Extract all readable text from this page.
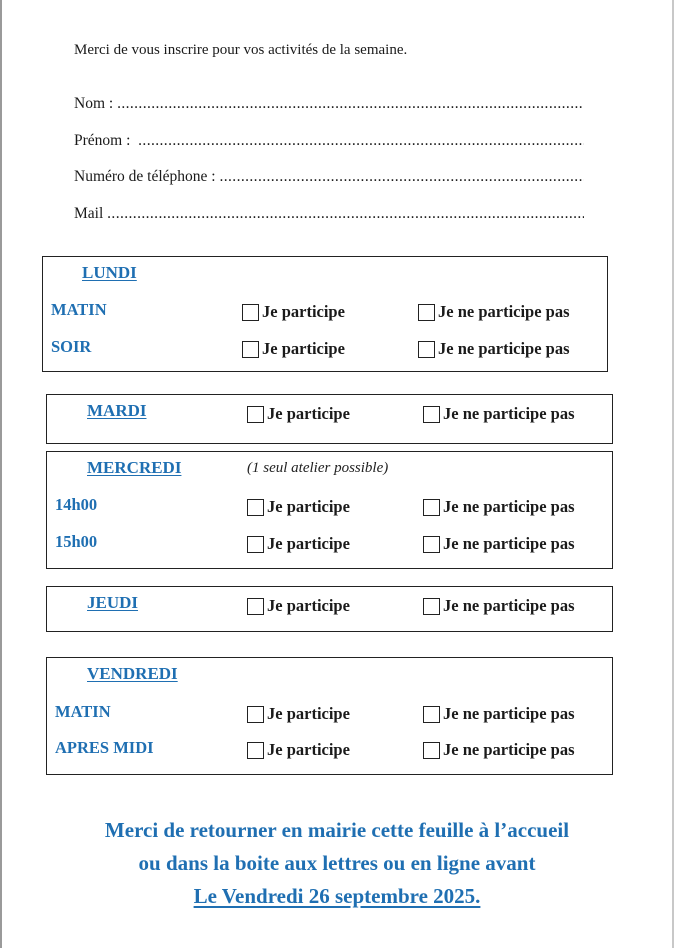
Merci de vous inscrire pour vos activités de la semaine.
Nom :
.....
Prénom :
.....
Numéro de téléphone :
.....
Mail
.....
LUNDI
MATIN	Je participe	Je ne participe pas
SOIR	Je participe	Je ne participe pas
MARDI	Je participe	Je ne participe pas
MERCREDI	(1 seul atelier possible)
14h00	Je participe	Je ne participe pas
15h00	Je participe	Je ne participe pas
JEUDI	Je participe	Je ne participe pas
VENDREDI
MATIN	Je participe	Je ne participe pas
APRES MIDI	Je participe	Je ne participe pas
Merci de retourner en mairie cette feuille à l’accueil
ou dans la boite aux lettres ou en ligne avant
Le Vendredi 26 septembre 2025.
